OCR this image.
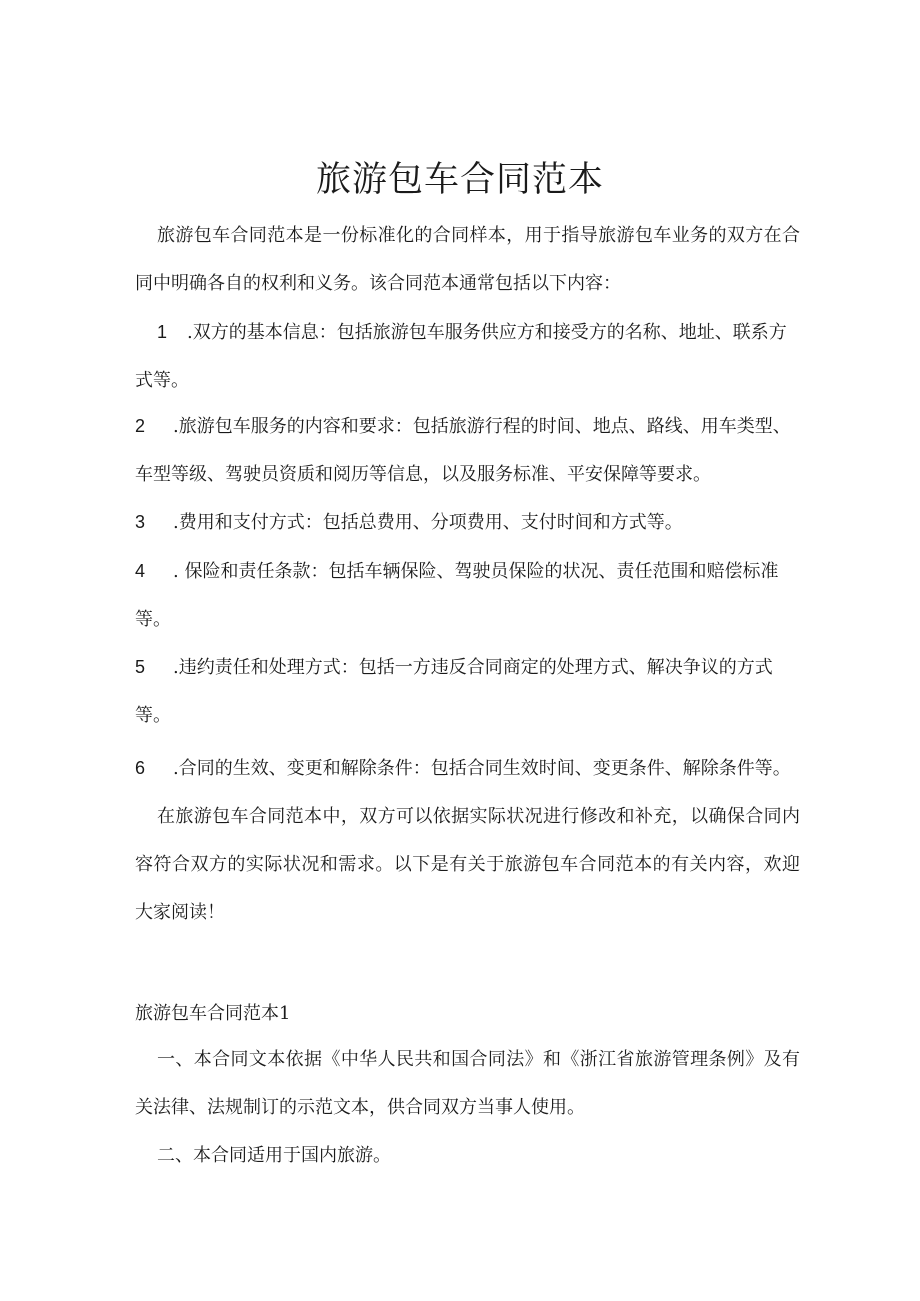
旅游包车合同范本

旅游包车合同范本是一份标准化的合同样本，用于指导旅游包车业务的双方在合同中明确各自的权利和义务。该合同范本通常包括以下内容：

1 .双方的基本信息：包括旅游包车服务供应方和接受方的名称、地址、联系方式等。

2 .旅游包车服务的内容和要求：包括旅游行程的时间、地点、路线、用车类型、车型等级、驾驶员资质和阅历等信息，以及服务标准、平安保障等要求。

3 .费用和支付方式：包括总费用、分项费用、支付时间和方式等。

4 . 保险和责任条款：包括车辆保险、驾驶员保险的状况、责任范围和赔偿标准等。

5 .违约责任和处理方式：包括一方违反合同商定的处理方式、解决争议的方式等。

6 .合同的生效、变更和解除条件：包括合同生效时间、变更条件、解除条件等。

在旅游包车合同范本中，双方可以依据实际状况进行修改和补充，以确保合同内容符合双方的实际状况和需求。以下是有关于旅游包车合同范本的有关内容，欢迎大家阅读！

旅游包车合同范本1

一、本合同文本依据《中华人民共和国合同法》和《浙江省旅游管理条例》及有关法律、法规制订的示范文本，供合同双方当事人使用。

二、本合同适用于国内旅游。
